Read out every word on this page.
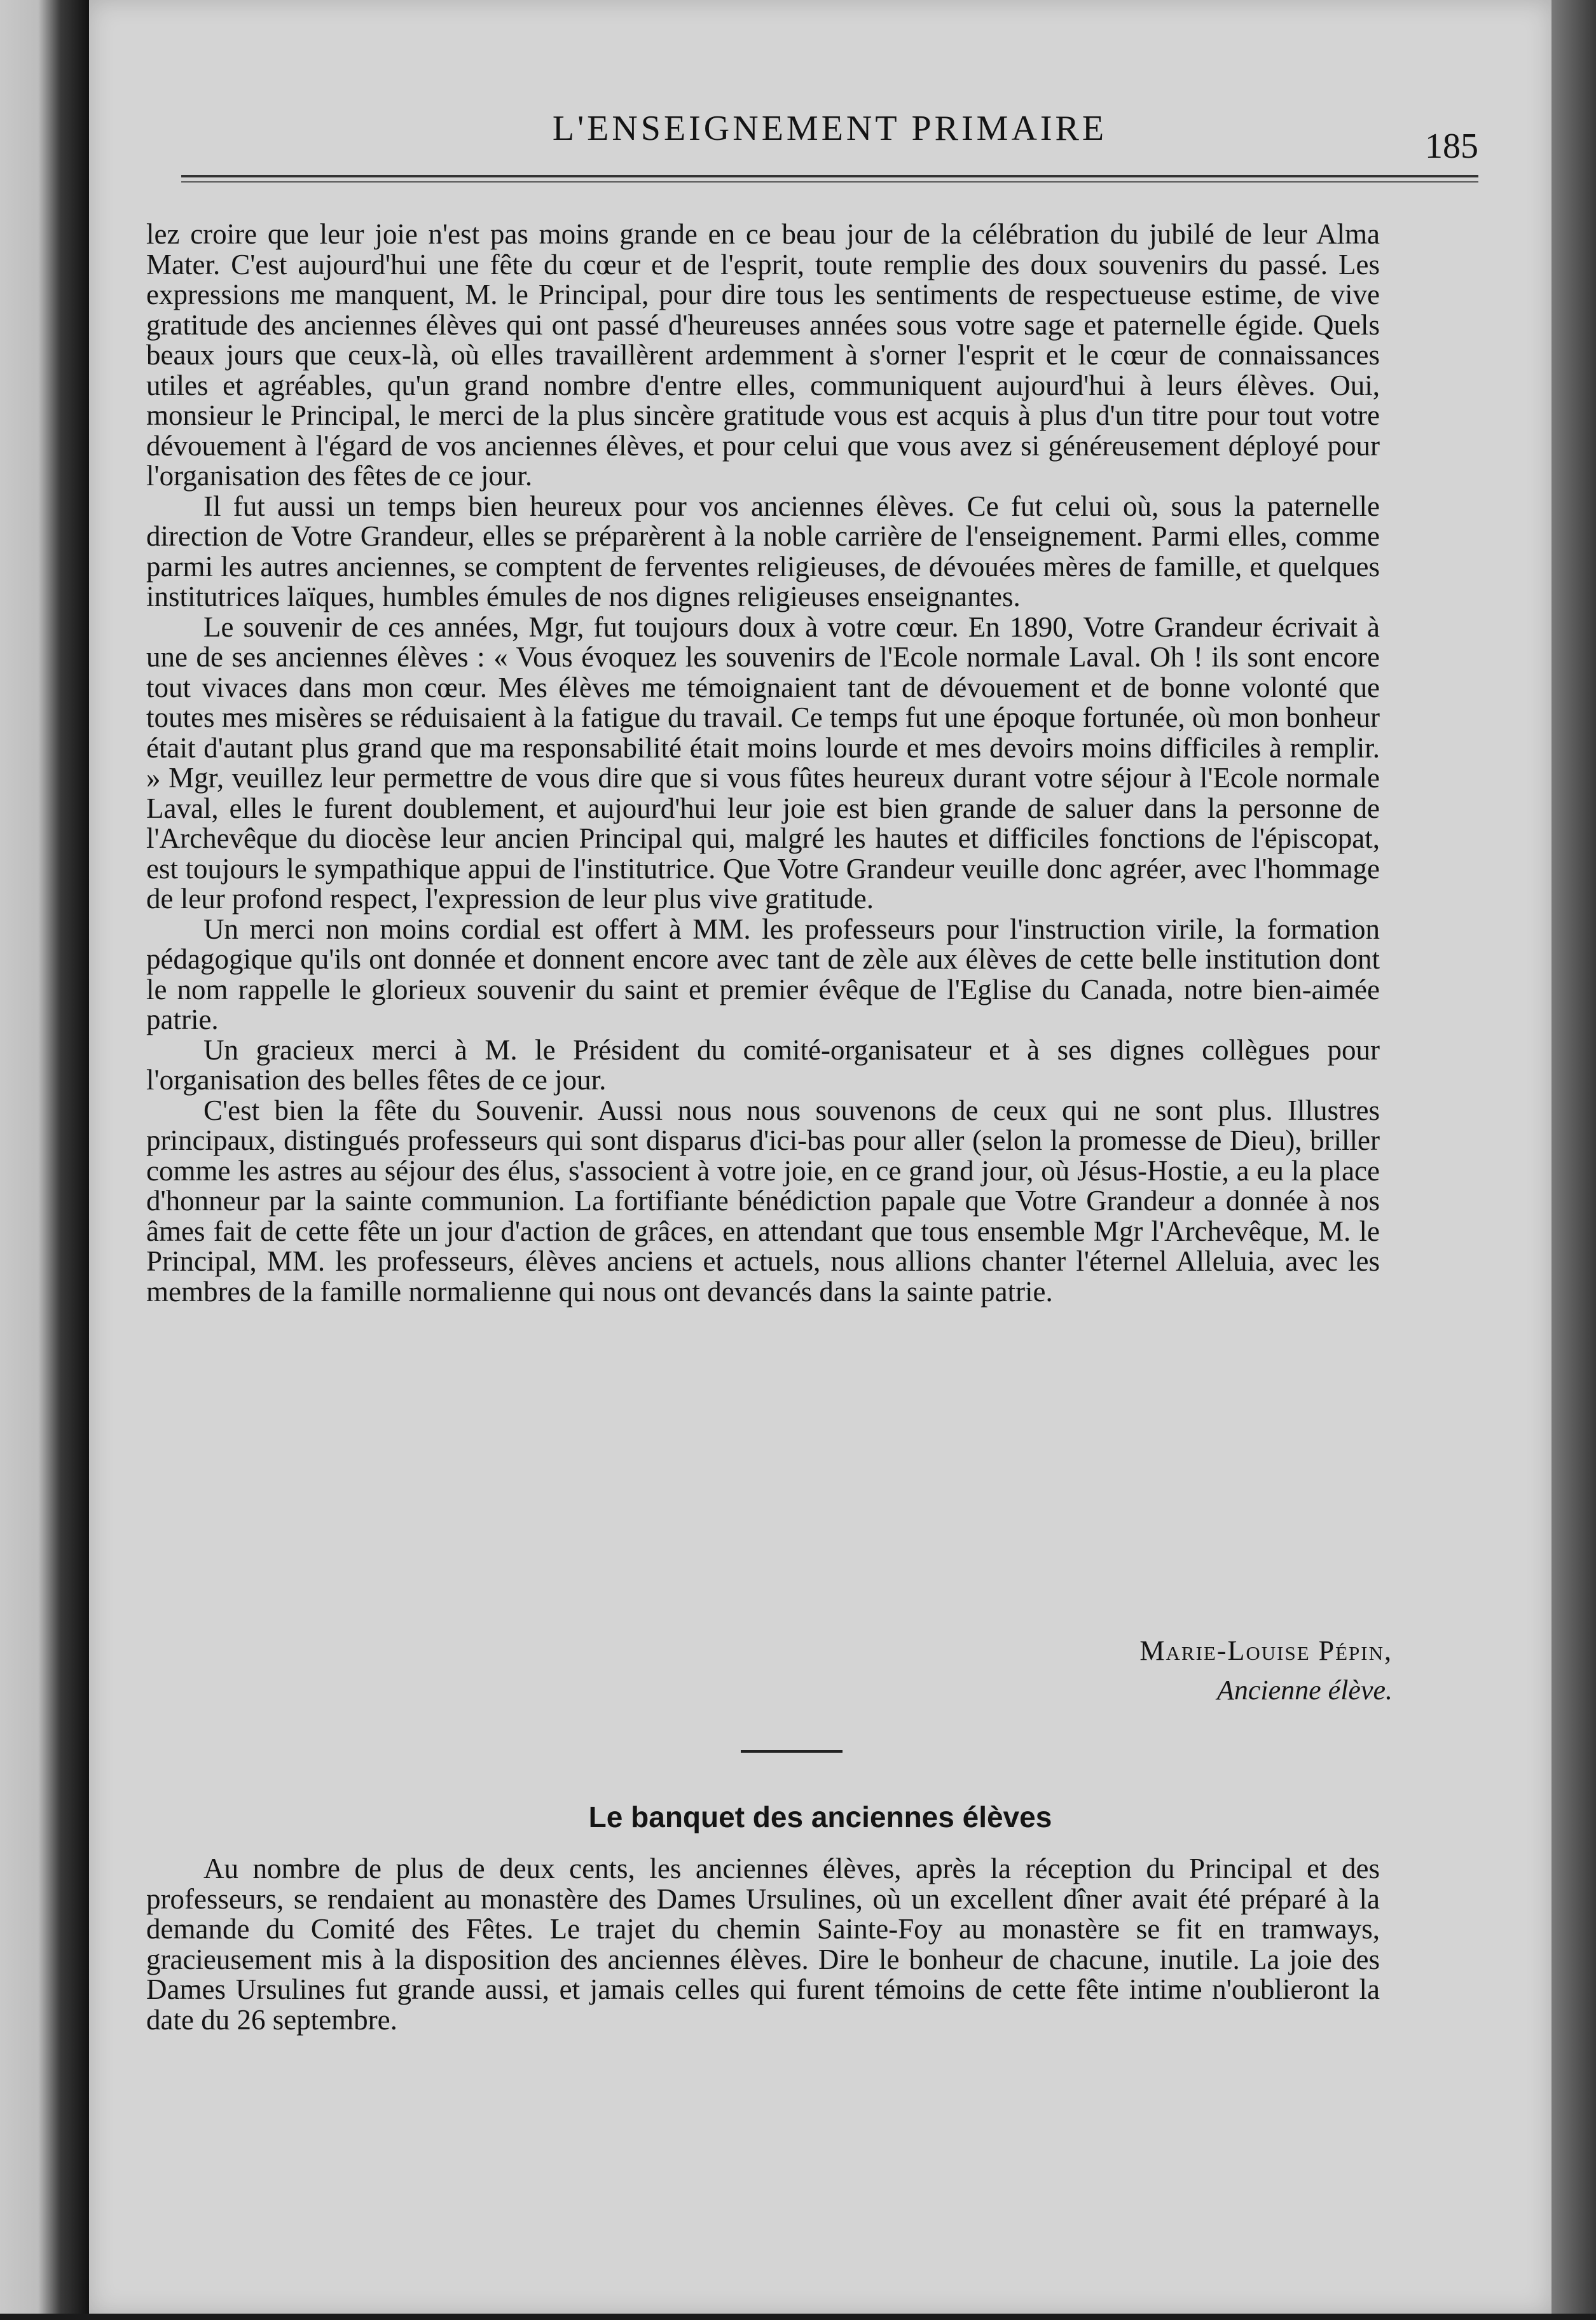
L'ENSEIGNEMENT PRIMAIRE	185

lez croire que leur joie n'est pas moins grande en ce beau jour de la célébration du jubilé de leur Alma Mater. C'est aujourd'hui une fête du cœur et de l'esprit, toute remplie des doux souvenirs du passé. Les expressions me manquent, M. le Principal, pour dire tous les sentiments de respectueuse estime, de vive gratitude des anciennes élèves qui ont passé d'heureuses années sous votre sage et paternelle égide. Quels beaux jours que ceux-là, où elles travaillèrent ardemment à s'orner l'esprit et le cœur de connaissances utiles et agréables, qu'un grand nombre d'entre elles, communiquent aujourd'hui à leurs élèves. Oui, monsieur le Principal, le merci de la plus sincère gratitude vous est acquis à plus d'un titre pour tout votre dévouement à l'égard de vos anciennes élèves, et pour celui que vous avez si généreusement déployé pour l'organisation des fêtes de ce jour.

Il fut aussi un temps bien heureux pour vos anciennes élèves. Ce fut celui où, sous la paternelle direction de Votre Grandeur, elles se préparèrent à la noble carrière de l'enseignement. Parmi elles, comme parmi les autres anciennes, se comptent de ferventes religieuses, de dévouées mères de famille, et quelques institutrices laïques, humbles émules de nos dignes religieuses enseignantes.

Le souvenir de ces années, Mgr, fut toujours doux à votre cœur. En 1890, Votre Grandeur écrivait à une de ses anciennes élèves : « Vous évoquez les souvenirs de l'Ecole normale Laval. Oh ! ils sont encore tout vivaces dans mon cœur. Mes élèves me témoignaient tant de dévouement et de bonne volonté que toutes mes misères se réduisaient à la fatigue du travail. Ce temps fut une époque fortunée, où mon bonheur était d'autant plus grand que ma responsabilité était moins lourde et mes devoirs moins difficiles à remplir. » Mgr, veuillez leur permettre de vous dire que si vous fûtes heureux durant votre séjour à l'Ecole normale Laval, elles le furent doublement, et aujourd'hui leur joie est bien grande de saluer dans la personne de l'Archevêque du diocèse leur ancien Principal qui, malgré les hautes et difficiles fonctions de l'épiscopat, est toujours le sympathique appui de l'institutrice. Que Votre Grandeur veuille donc agréer, avec l'hommage de leur profond respect, l'expression de leur plus vive gratitude.

Un merci non moins cordial est offert à MM. les professeurs pour l'instruction virile, la formation pédagogique qu'ils ont donnée et donnent encore avec tant de zèle aux élèves de cette belle institution dont le nom rappelle le glorieux souvenir du saint et premier évêque de l'Eglise du Canada, notre bien-aimée patrie.

Un gracieux merci à M. le Président du comité-organisateur et à ses dignes collègues pour l'organisation des belles fêtes de ce jour.

C'est bien la fête du Souvenir. Aussi nous nous souvenons de ceux qui ne sont plus. Illustres principaux, distingués professeurs qui sont disparus d'ici-bas pour aller (selon la promesse de Dieu), briller comme les astres au séjour des élus, s'associent à votre joie, en ce grand jour, où Jésus-Hostie, a eu la place d'honneur par la sainte communion. La fortifiante bénédiction papale que Votre Grandeur a donnée à nos âmes fait de cette fête un jour d'action de grâces, en attendant que tous ensemble Mgr l'Archevêque, M. le Principal, MM. les professeurs, élèves anciens et actuels, nous allions chanter l'éternel Alleluia, avec les membres de la famille normalienne qui nous ont devancés dans la sainte patrie.

Marie-Louise Pépin,
Ancienne élève.
Le banquet des anciennes élèves

Au nombre de plus de deux cents, les anciennes élèves, après la réception du Principal et des professeurs, se rendaient au monastère des Dames Ursulines, où un excellent dîner avait été préparé à la demande du Comité des Fêtes. Le trajet du chemin Sainte-Foy au monastère se fit en tramways, gracieusement mis à la disposition des anciennes élèves. Dire le bonheur de chacune, inutile. La joie des Dames Ursulines fut grande aussi, et jamais celles qui furent témoins de cette fête intime n'oublieront la date du 26 septembre.
